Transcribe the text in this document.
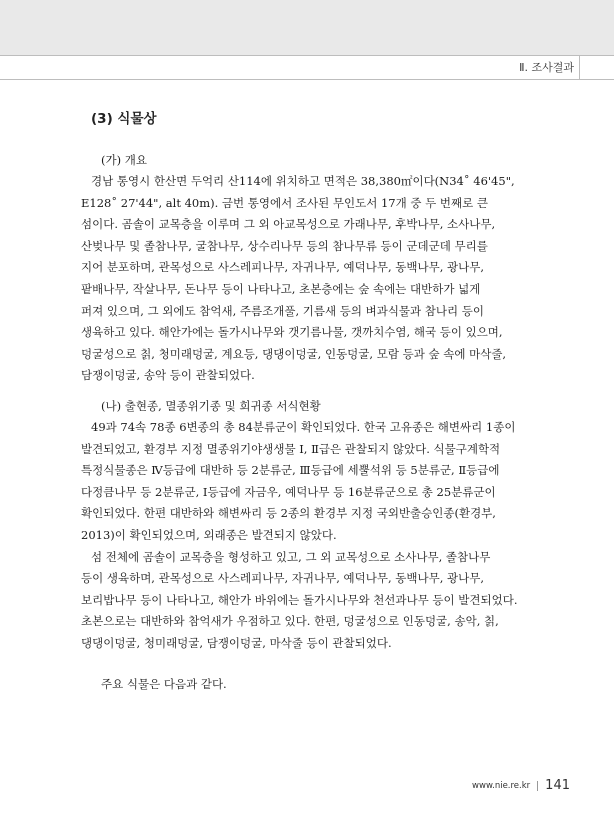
Ⅱ. 조사결과
(3) 식물상
(가) 개요

경남 통영시 한산면 두억리 산114에 위치하고 면적은 38,380㎡이다(N34˚ 46'45",
E128˚ 27'44", alt 40m). 금번 통영에서 조사된 무인도서 17개 중 두 번째로 큰
섬이다. 곰솔이 교목층을 이루며 그 외 아교목성으로 가래나무, 후박나무, 소사나무,
산벚나무 및 졸참나무, 굴참나무, 상수리나무 등의 참나무류 등이 군데군데 무리를
지어 분포하며, 관목성으로 사스레피나무, 자귀나무, 예덕나무, 동백나무, 광나무,
팥배나무, 작살나무, 돈나무 등이 나타나고, 초본층에는 숲 속에는 대반하가 넓게
퍼져 있으며, 그 외에도 참억새, 주름조개풀, 기름새 등의 벼과식물과 참나리 등이
생육하고 있다. 해안가에는 돌가시나무와 갯기름나물, 갯까치수염, 해국 등이 있으며,
덩굴성으로 칡, 청미래덩굴, 계요등, 댕댕이덩굴, 인동덩굴, 모람 등과 숲 속에 마삭줄,
담쟁이덩굴, 송악 등이 관찰되었다.

(나) 출현종, 멸종위기종 및 희귀종 서식현황

49과 74속 78종 6변종의 총 84분류군이 확인되었다. 한국 고유종은 해변싸리 1종이
발견되었고, 환경부 지정 멸종위기야생생물 Ⅰ, Ⅱ급은 관찰되지 않았다. 식물구계학적
특정식물종은 Ⅳ등급에 대반하 등 2분류군, Ⅲ등급에 세뿔석위 등 5분류군, Ⅱ등급에
다정큼나무 등 2분류군, Ⅰ등급에 자금우, 예덕나무 등 16분류군으로 총 25분류군이
확인되었다. 한편 대반하와 해변싸리 등 2종의 환경부 지정 국외반출승인종(환경부,
2013)이 확인되었으며, 외래종은 발견되지 않았다.

섬 전체에 곰솔이 교목층을 형성하고 있고, 그 외 교목성으로 소사나무, 졸참나무
등이 생육하며, 관목성으로 사스레피나무, 자귀나무, 예덕나무, 동백나무, 광나무,
보리밥나무 등이 나타나고, 해안가 바위에는 돌가시나무와 천선과나무 등이 발견되었다.
초본으로는 대반하와 참억새가 우점하고 있다. 한편, 덩굴성으로 인동덩굴, 송악, 칡,
댕댕이덩굴, 청미래덩굴, 담쟁이덩굴, 마삭줄 등이 관찰되었다.

주요 식물은 다음과 같다.
www.nie.re.kr 141
